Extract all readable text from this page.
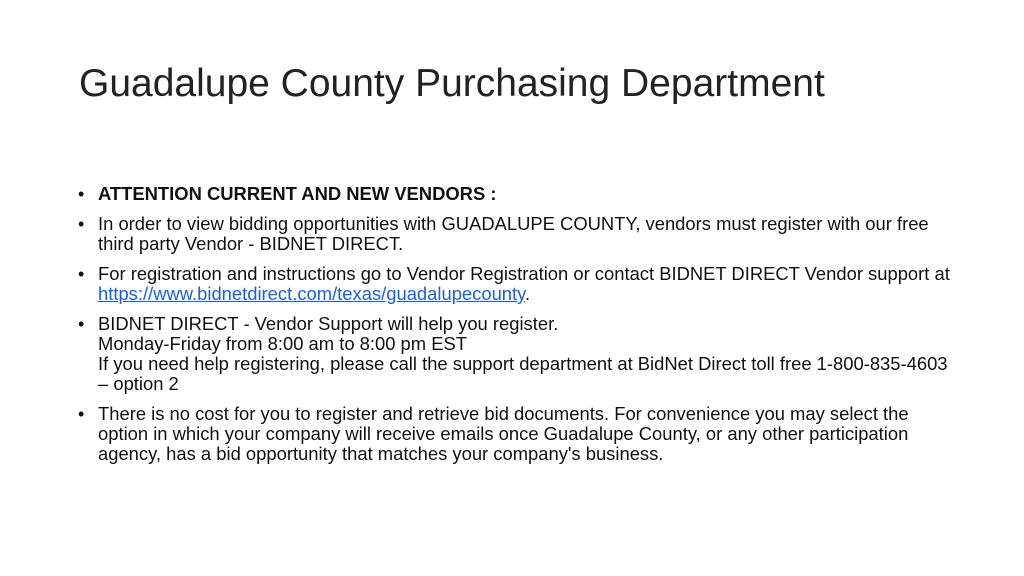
Guadalupe County Purchasing Department
• ATTENTION CURRENT AND NEW VENDORS :
• In order to view bidding opportunities with GUADALUPE COUNTY, vendors must register with our free third party Vendor - BIDNET DIRECT.
• For registration and instructions go to Vendor Registration or contact BIDNET DIRECT Vendor support at https://www.bidnetdirect.com/texas/guadalupecounty.
• BIDNET DIRECT - Vendor Support will help you register.
Monday-Friday from 8:00 am to 8:00 pm EST
If you need help registering, please call the support department at BidNet Direct toll free 1-800-835-4603 – option 2
• There is no cost for you to register and retrieve bid documents. For convenience you may select the option in which your company will receive emails once Guadalupe County, or any other participation agency, has a bid opportunity that matches your company's business.
